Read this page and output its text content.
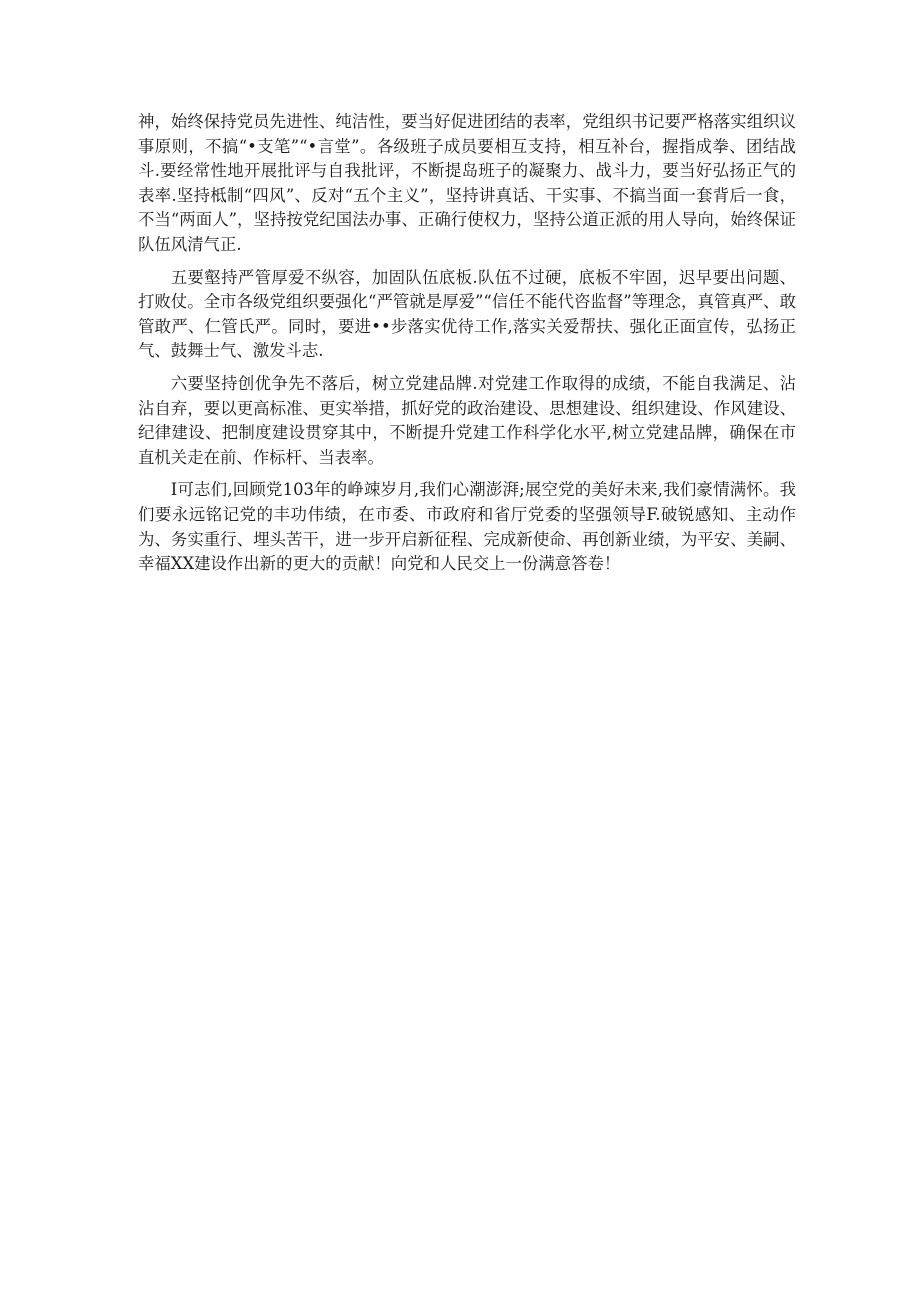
神，始终保持党员先进性、纯洁性，要当好促进团结的表率，党组织书记要严格落实组织议事原则，不搞“•支笔”“•言堂”。各级班子成员要相互支持，相互补台，握指成拳、团结战斗.要经常性地开展批评与自我批评，不断提岛班子的凝聚力、战斗力，要当好弘扬正气的表率.坚持柢制“四风”、反对“五个主义”，坚持讲真话、干实事、不搞当面一套背后一食，不当“两面人”，坚持按党纪国法办事、正确行使权力，坚持公道正派的用人导向，始终保证队伍风清气正.

五要壑持严管厚爱不纵容，加固队伍底板.队伍不过硬，底板不牢固，迟早要出问题、打败仗。全市各级党组织要强化“严管就是厚爱”“信任不能代咨监督”等理念，真管真严、敢管敢严、仁管氏严。同时，要进••步落实优待工作,落实关爱帮扶、强化正面宣传，弘扬正气、鼓舞士气、激发斗志.

六要坚持创优争先不落后，树立党建品牌.对党建工作取得的成绩，不能自我满足、沾沾自弃，要以更高标准、更实举措，抓好党的政治建设、思想建设、组织建设、作风建设、纪律建设、把制度建设贯穿其中，不断提升党建工作科学化水平,树立党建品牌，确保在市直机关走在前、作标杆、当表率。

I可志们,回顾党103年的峥竦岁月,我们心潮澎湃;展空党的美好未来,我们豪情满怀。我们要永远铭记党的丰功伟绩，在市委、市政府和省厅党委的坚强领导F.破锐感知、主动作为、务实重行、埋头苦干，进一步开启新征程、完成新使命、再创新业绩，为平安、美嗣、幸福XX建设作出新的更大的贡献！向党和人民交上一份满意答卷！
